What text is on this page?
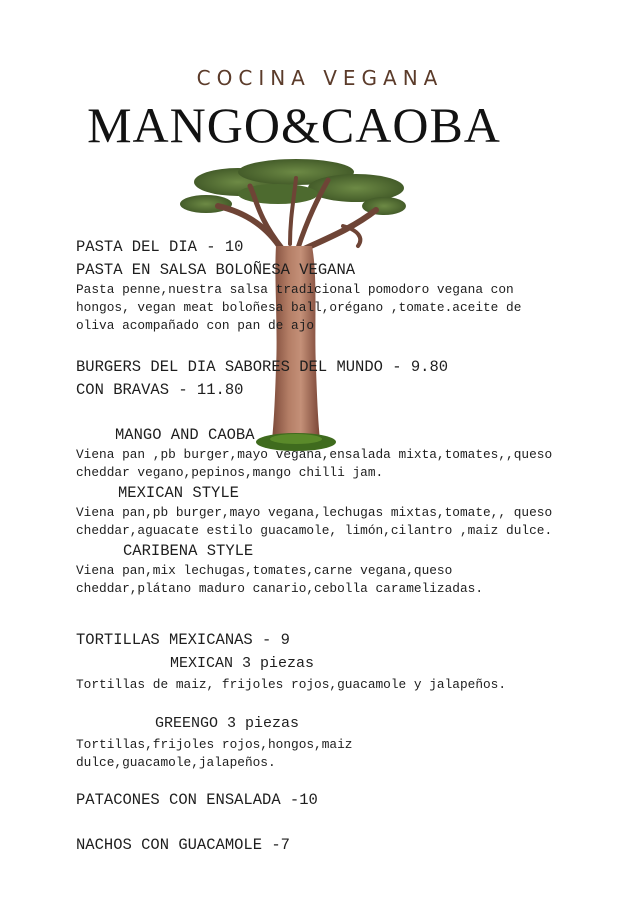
COCINA VEGANA
MANGO&CAOBA
PASTA DEL DIA - 10
PASTA EN SALSA BOLOÑESA VEGANA
Pasta penne,nuestra salsa tradicional pomodoro vegana con
hongos, vegan meat boloñesa ball,orégano ,tomate.aceite de
oliva acompañado con pan de ajo
BURGERS DEL DIA SABORES DEL MUNDO - 9.80
CON BRAVAS - 11.80
MANGO AND CAOBA
Viena pan ,pb burger,mayo vegana,ensalada mixta,tomates,,queso
cheddar vegano,pepinos,mango chilli jam.
MEXICAN STYLE
Viena pan,pb burger,mayo vegana,lechugas mixtas,tomate,, queso
cheddar,aguacate estilo guacamole, limón,cilantro ,maiz dulce.
CARIBENA STYLE
Viena pan,mix lechugas,tomates,carne vegana,queso
cheddar,plátano maduro canario,cebolla caramelizadas.
TORTILLAS MEXICANAS - 9
MEXICAN 3 piezas
Tortillas de maiz, frijoles rojos,guacamole y jalapeños.
GREENGO 3 piezas
Tortillas,frijoles rojos,hongos,maiz
dulce,guacamole,jalapeños.
PATACONES CON ENSALADA -10
NACHOS CON GUACAMOLE -7
